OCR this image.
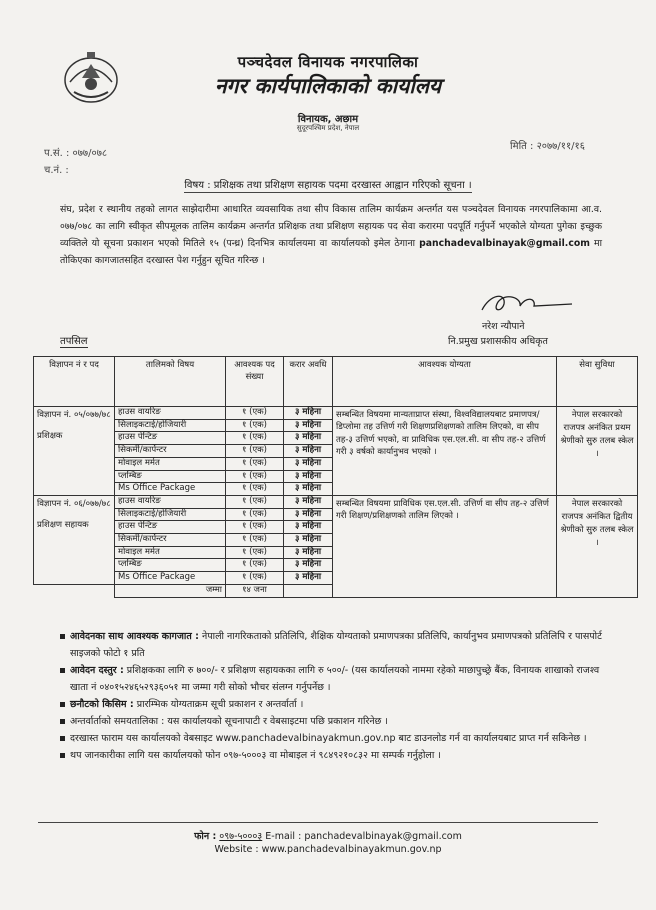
पञ्चदेवल विनायक नगरपालिका
नगर कार्यपालिकाको कार्यालय
विनायक, अछाम
सुदूरपश्चिम प्रदेश, नेपाल
प.सं. : ०७७/०७८
च.नं. :
मिति : २०७७/११/१६
विषय : प्रशिक्षक तथा प्रशिक्षण सहायक पदमा दरखास्त आह्वान गरिएको सूचना ।
संघ, प्रदेश र स्थानीय तहको लागत साझेदारीमा आधारित व्यवसायिक तथा सीप विकास तालिम कार्यक्रम अन्तर्गत यस पञ्चदेवल विनायक नगरपालिकामा आ.व. ०७७/०७८ का लागि स्वीकृत सीपमूलक तालिम कार्यक्रम अन्तर्गत प्रशिक्षक तथा प्रशिक्षण सहायक पद सेवा करारमा पदपूर्ति गर्नुपर्ने भएकोले योग्यता पुगेका इच्छुक व्यक्तिले यो सूचना प्रकाशन भएको मितिले १५ (पन्ध्र) दिनभित्र कार्यालयमा वा कार्यालयको इमेल ठेगाना panchadevalbinayak@gmail.com मा तोकिएका कागजातसहित दरखास्त पेश गर्नुहुन सूचित गरिन्छ ।
नरेश न्यौपाने
नि.प्रमुख प्रशासकीय अधिकृत
तपसिल
विज्ञापन नं र पद	तालिमको विषय	आवश्यक पद संख्या	करार अवधि	आवश्यक योग्यता	सेवा सुविधा

विज्ञापन नं. ०५/०७७/७८
प्रशिक्षक	हाउस वायरिङ	१ (एक)	३ महिना	सम्बन्धित विषयमा मान्यताप्राप्त संस्था, विश्वविद्यालयबाट प्रमाणपत्र/डिप्लोमा तह उत्तिर्ण गरी शिक्षणप्रशिक्षणको तालिम लिएको, वा सीप तह-३ उत्तिर्ण भएको, वा प्राविधिक एस.एल.सी. वा सीप तह-२ उत्तिर्ण गरी ३ वर्षको कार्यानुभव भएको ।	नेपाल सरकारको राजपत्र अनंकित प्रथम श्रेणीको सुरु तलब स्केल ।
	सिलाइकटाई/होजियारी	१ (एक)	३ महिना		
	हाउस पेन्टिङ	१ (एक)	३ महिना		
	सिकर्मी/कार्पेन्टर	१ (एक)	३ महिना		
	मोवाइल मर्मत	१ (एक)	३ महिना		
	प्लम्बिङ	१ (एक)	३ महिना		
	Ms Office Package	१ (एक)	३ महिना		

विज्ञापन नं. ०६/०७७/७८
प्रशिक्षण सहायक	हाउस वायरिङ	१ (एक)	३ महिना	सम्बन्धित विषयमा प्राविधिक एस.एल.सी. उत्तिर्ण वा सीप तह-२ उत्तिर्ण गरी शिक्षण/प्रशिक्षणको तालिम लिएको ।	नेपाल सरकारको राजपत्र अनंकित द्वितीय श्रेणीको सुरु तलब स्केल ।
	सिलाइकटाई/होजियारी	१ (एक)	३ महिना		
	हाउस पेन्टिङ	१ (एक)	३ महिना		
	सिकर्मी/कार्पेन्टर	१ (एक)	३ महिना		
	मोवाइल मर्मत	१ (एक)	३ महिना		
	प्लम्बिङ	१ (एक)	३ महिना		
	Ms Office Package	१ (एक)	३ महिना		
	जम्मा	१४ जना			
आवेदनका साथ आवश्यक कागजात : नेपाली नागरिकताको प्रतिलिपि, शैक्षिक योग्यताको प्रमाणपत्रका प्रतिलिपि, कार्यानुभव प्रमाणपत्रको प्रतिलिपि र पासपोर्ट साइजको फोटो १ प्रति
आवेदन दस्तुर : प्रशिक्षकका लागि रु ७००/- र प्रशिक्षण सहायकका लागि रु ५००/- (यस कार्यालयको नाममा रहेको माछापुच्छ्रे बैंक, विनायक शाखाको राजश्व खाता नं ०४०१५२४६५२९३६०५१ मा जम्मा गरी सोको भौचर संलग्न गर्नुपर्नेछ ।
छनौटको किसिम : प्रारम्भिक योग्यताक्रम सूची प्रकाशन र अन्तर्वार्ता ।
अन्तर्वार्ताको समयतालिका : यस कार्यालयको सूचनापाटी र वेबसाइटमा पछि प्रकाशन गरिनेछ ।
दरखास्त फाराम यस कार्यालयको वेबसाइट www.panchadevalbinayakmun.gov.np बाट डाउनलोड गर्न वा कार्यालयबाट प्राप्त गर्न सकिनेछ ।
थप जानकारीका लागि यस कार्यालयको फोन ०९७-५०००३ वा मोबाइल नं ९८४९२१०८३२ मा सम्पर्क गर्नुहोला ।
फोन : ०९७-५०००३ E-mail : panchadevalbinayak@gmail.com
Website : www.panchadevalbinayakmun.gov.np
